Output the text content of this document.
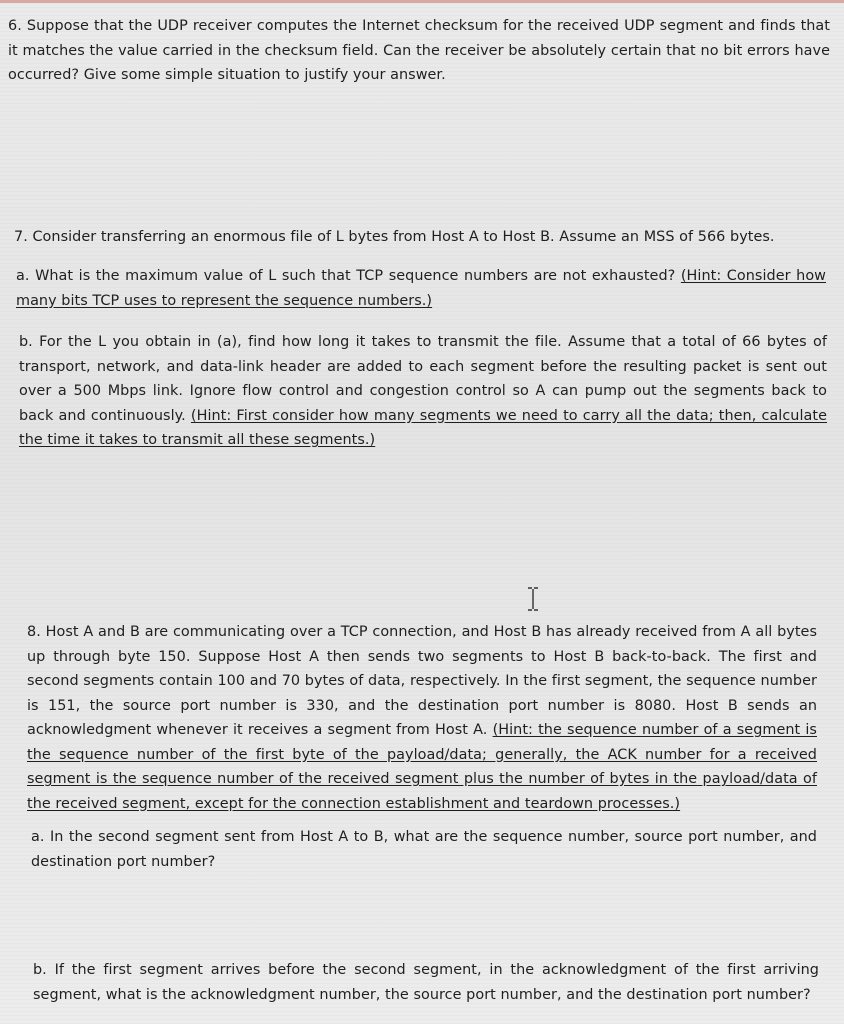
6. Suppose that the UDP receiver computes the Internet checksum for the received UDP segment and finds that it matches the value carried in the checksum field. Can the receiver be absolutely certain that no bit errors have occurred? Give some simple situation to justify your answer.

7. Consider transferring an enormous file of L bytes from Host A to Host B. Assume an MSS of 566 bytes.

a. What is the maximum value of L such that TCP sequence numbers are not exhausted? (Hint: Consider how many bits TCP uses to represent the sequence numbers.)

b. For the L you obtain in (a), find how long it takes to transmit the file. Assume that a total of 66 bytes of transport, network, and data-link header are added to each segment before the resulting packet is sent out over a 500 Mbps link. Ignore flow control and congestion control so A can pump out the segments back to back and continuously. (Hint: First consider how many segments we need to carry all the data; then, calculate the time it takes to transmit all these segments.)

8. Host A and B are communicating over a TCP connection, and Host B has already received from A all bytes up through byte 150. Suppose Host A then sends two segments to Host B back-to-back. The first and second segments contain 100 and 70 bytes of data, respectively. In the first segment, the sequence number is 151, the source port number is 330, and the destination port number is 8080. Host B sends an acknowledgment whenever it receives a segment from Host A. (Hint: the sequence number of a segment is the sequence number of the first byte of the payload/data; generally, the ACK number for a received segment is the sequence number of the received segment plus the number of bytes in the payload/data of the received segment, except for the connection establishment and teardown processes.)

a. In the second segment sent from Host A to B, what are the sequence number, source port number, and destination port number?

b. If the first segment arrives before the second segment, in the acknowledgment of the first arriving segment, what is the acknowledgment number, the source port number, and the destination port number?
